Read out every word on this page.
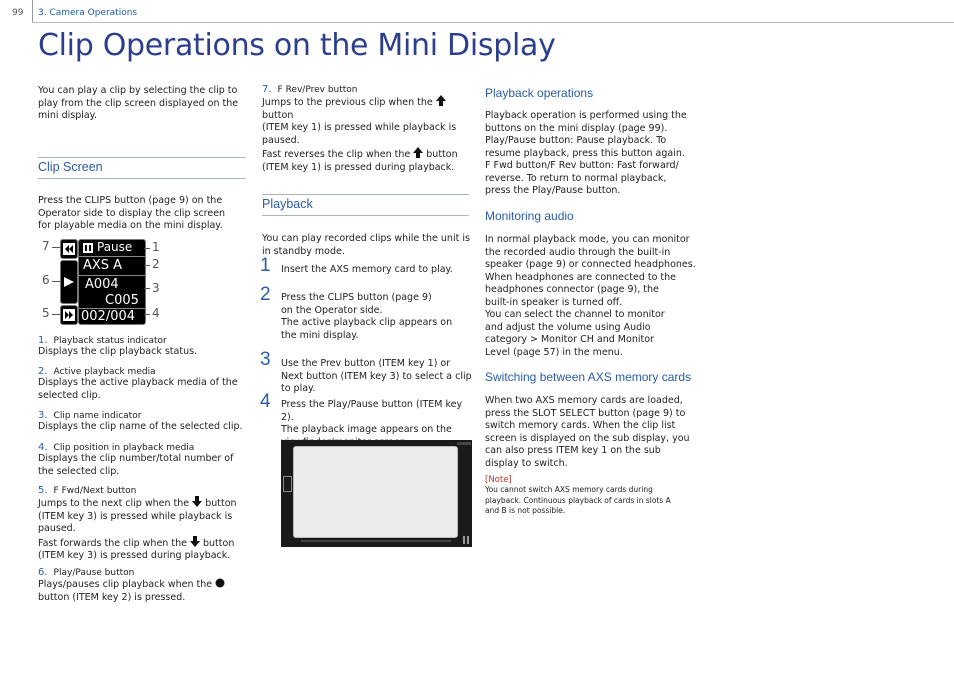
99 3. Camera Operations
Clip Operations on the Mini Display

You can play a clip by selecting the clip to play from the clip screen displayed on the mini display.

Clip Screen

Press the CLIPS button (page 9) on the Operator side to display the clip screen for playable media on the mini display.

Pause
AXS A
A004
C005
002/004
7
6
5
1
2
3
4

1. Playback status indicator

Displays the clip playback status.

2. Active playback media

Displays the active playback media of the selected clip.

3. Clip name indicator

Displays the clip name of the selected clip.

4. Clip position in playback media

Displays the clip number/total number of the selected clip.

5. F Fwd/Next button

Jumps to the next clip when the button

(ITEM key 3) is pressed while playback is

paused.

Fast forwards the clip when the button

(ITEM key 3) is pressed during playback.

6. Play/Pause button

Plays/pauses clip playback when the

button (ITEM key 2) is pressed.

7. F Rev/Prev button

Jumps to the previous clip when the  button

(ITEM key 1) is pressed while playback is

paused.

Fast reverses the clip when the button

(ITEM key 1) is pressed during playback.

Playback

You can play recorded clips while the unit is in standby mode.

1 Insert the AXS memory card to play.

2 Press the CLIPS button (page 9) on the Operator side.

The active playback clip appears on the mini display.

3 Use the Prev button (ITEM key 1) or Next button (ITEM key 3) to select a clip to play.

4 Press the Play/Pause button (ITEM key 2).

The playback image appears on the

Playback operations

Playback operation is performed using the buttons on the mini display (page 99).

Play/Pause button: Pause playback. To resume playback, press this button again.

F Fwd button/F Rev button: Fast forward/ reverse. To return to normal playback, press the Play/Pause button.

Monitoring audio

In normal playback mode, you can monitor the recorded audio through the built-in speaker (page 9) or connected headphones.

When headphones are connected to the headphones connector (page 9), the built-in speaker is turned off.

You can select the channel to monitor and adjust the volume using Audio category > Monitor CH and Monitor Level (page 57) in the menu.

Switching between AXS memory cards

When two AXS memory cards are loaded, press the SLOT SELECT button (page 9) to switch memory cards. When the clip list screen is displayed on the sub display, you can also press ITEM key 1 on the sub display to switch.

[Note]
You cannot switch AXS memory cards during playback. Continuous playback of cards in slots A and B is not possible.
